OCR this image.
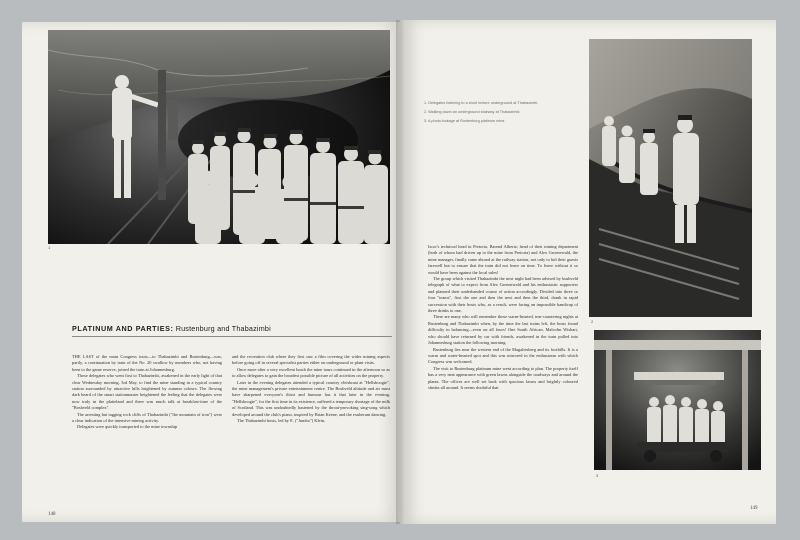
1
PLATINUM AND PARTIES: Rustenburg and Thabazimbi

THE LAST of the main Congress tours—to Thabazimbi and Rustenburg—was, partly, a continuation by train of the No. 20 swallow by members who, not having been to the game reserve, joined the train at Johannesburg.

Those delegates who went first to Thabazimbi, awakened in the early light of that clear Wednesday morning, 3rd May, to find the mine standing in a typical country station surrounded by attractive hills brightened by autumn colours. The flowing dark beard of the smart stationmaster heightened the feeling that the delegates were now truly in the platteland and there was much talk at breakfast-time of the "Boshveld complex".

The arresting but tagging rock cliffs of Thabazimbi ("the mountain of iron") were a clear indication of the intensive mining activity.

Delegates were quickly transported to the mine township

and the recreation club where they first saw a film covering the wider mining aspects before going off in several specialist parties either on underground or plant visits.

Once more after a very excellent lunch the mine tours continued in the afternoon so as to allow delegates to gain the broadest possible picture of all activities on the property.

Later in the evening delegates attended a typical country vleisbraai at "Hellshoogte", the mine management's private entertainment centre. The Boshveld altitude and air must have sharpened everyone's thirst and humour has it that later in the evening, "Hellshoogte", for the first time in its existence, suffered a temporary shortage of the milk of Scotland. This was undoubtedly hastened by the throat-provoking sing-song which developed around the club's piano, inspired by Brian Keene, and the exuberant dancing.

The Thabazimbi hosts, led by E. ("Jumbo") Klein,

148
1. Delegates listening to a short lecture underground at Thabazimbi.
2. Walking down an underground stairway at Thabazimbi.
3. A photo-footage at Rustenburg platinum mine.
2
3

Iscor's technical head in Pretoria, Barend Albertz; head of their mining department (both of whom had driven up to the mine from Pretoria) and Alex Groenewald, the mine manager, finally came aboard at the railway station, not only to bid their guests farewell but to ensure that the train did not leave on time. To leave without it so would have been against the local rules!

The group which visited Thabazimbi the next night had been advised by bushveld telegraph of what to expect from Alex Groenewald and his enthusiastic supporters and planned their underhanded course of action accordingly. Divided into three or four "teams", first the one and then the next and then the third, drank in rapid succession with their hosts who, as a result, were facing an impossible handicap of three drinks to one.

There are many who will remember those warm-hearted, tear-countering nights at Rustenburg and Thabazimbi when, by the time the last trains left, the hosts found difficulty in balancing—even on all fours! One South African, Malcolm Wishart, who should have returned by car with friends, awakened in the train pulled into Johannesburg station the following morning.

Rustenburg lies near the western end of the Magaliesberg and its foothills. It is a warm and water-hearted spot and this was mirrored in the enthusiasm with which Congress was welcomed.

The visit to Rustenburg platinum mine went according to plan. The property itself has a very neat appearance with green lawns alongside the roadways and around the plants. The offices are well set back with spacious lawns and brightly coloured shrubs all around. It seems doubtful that

149
